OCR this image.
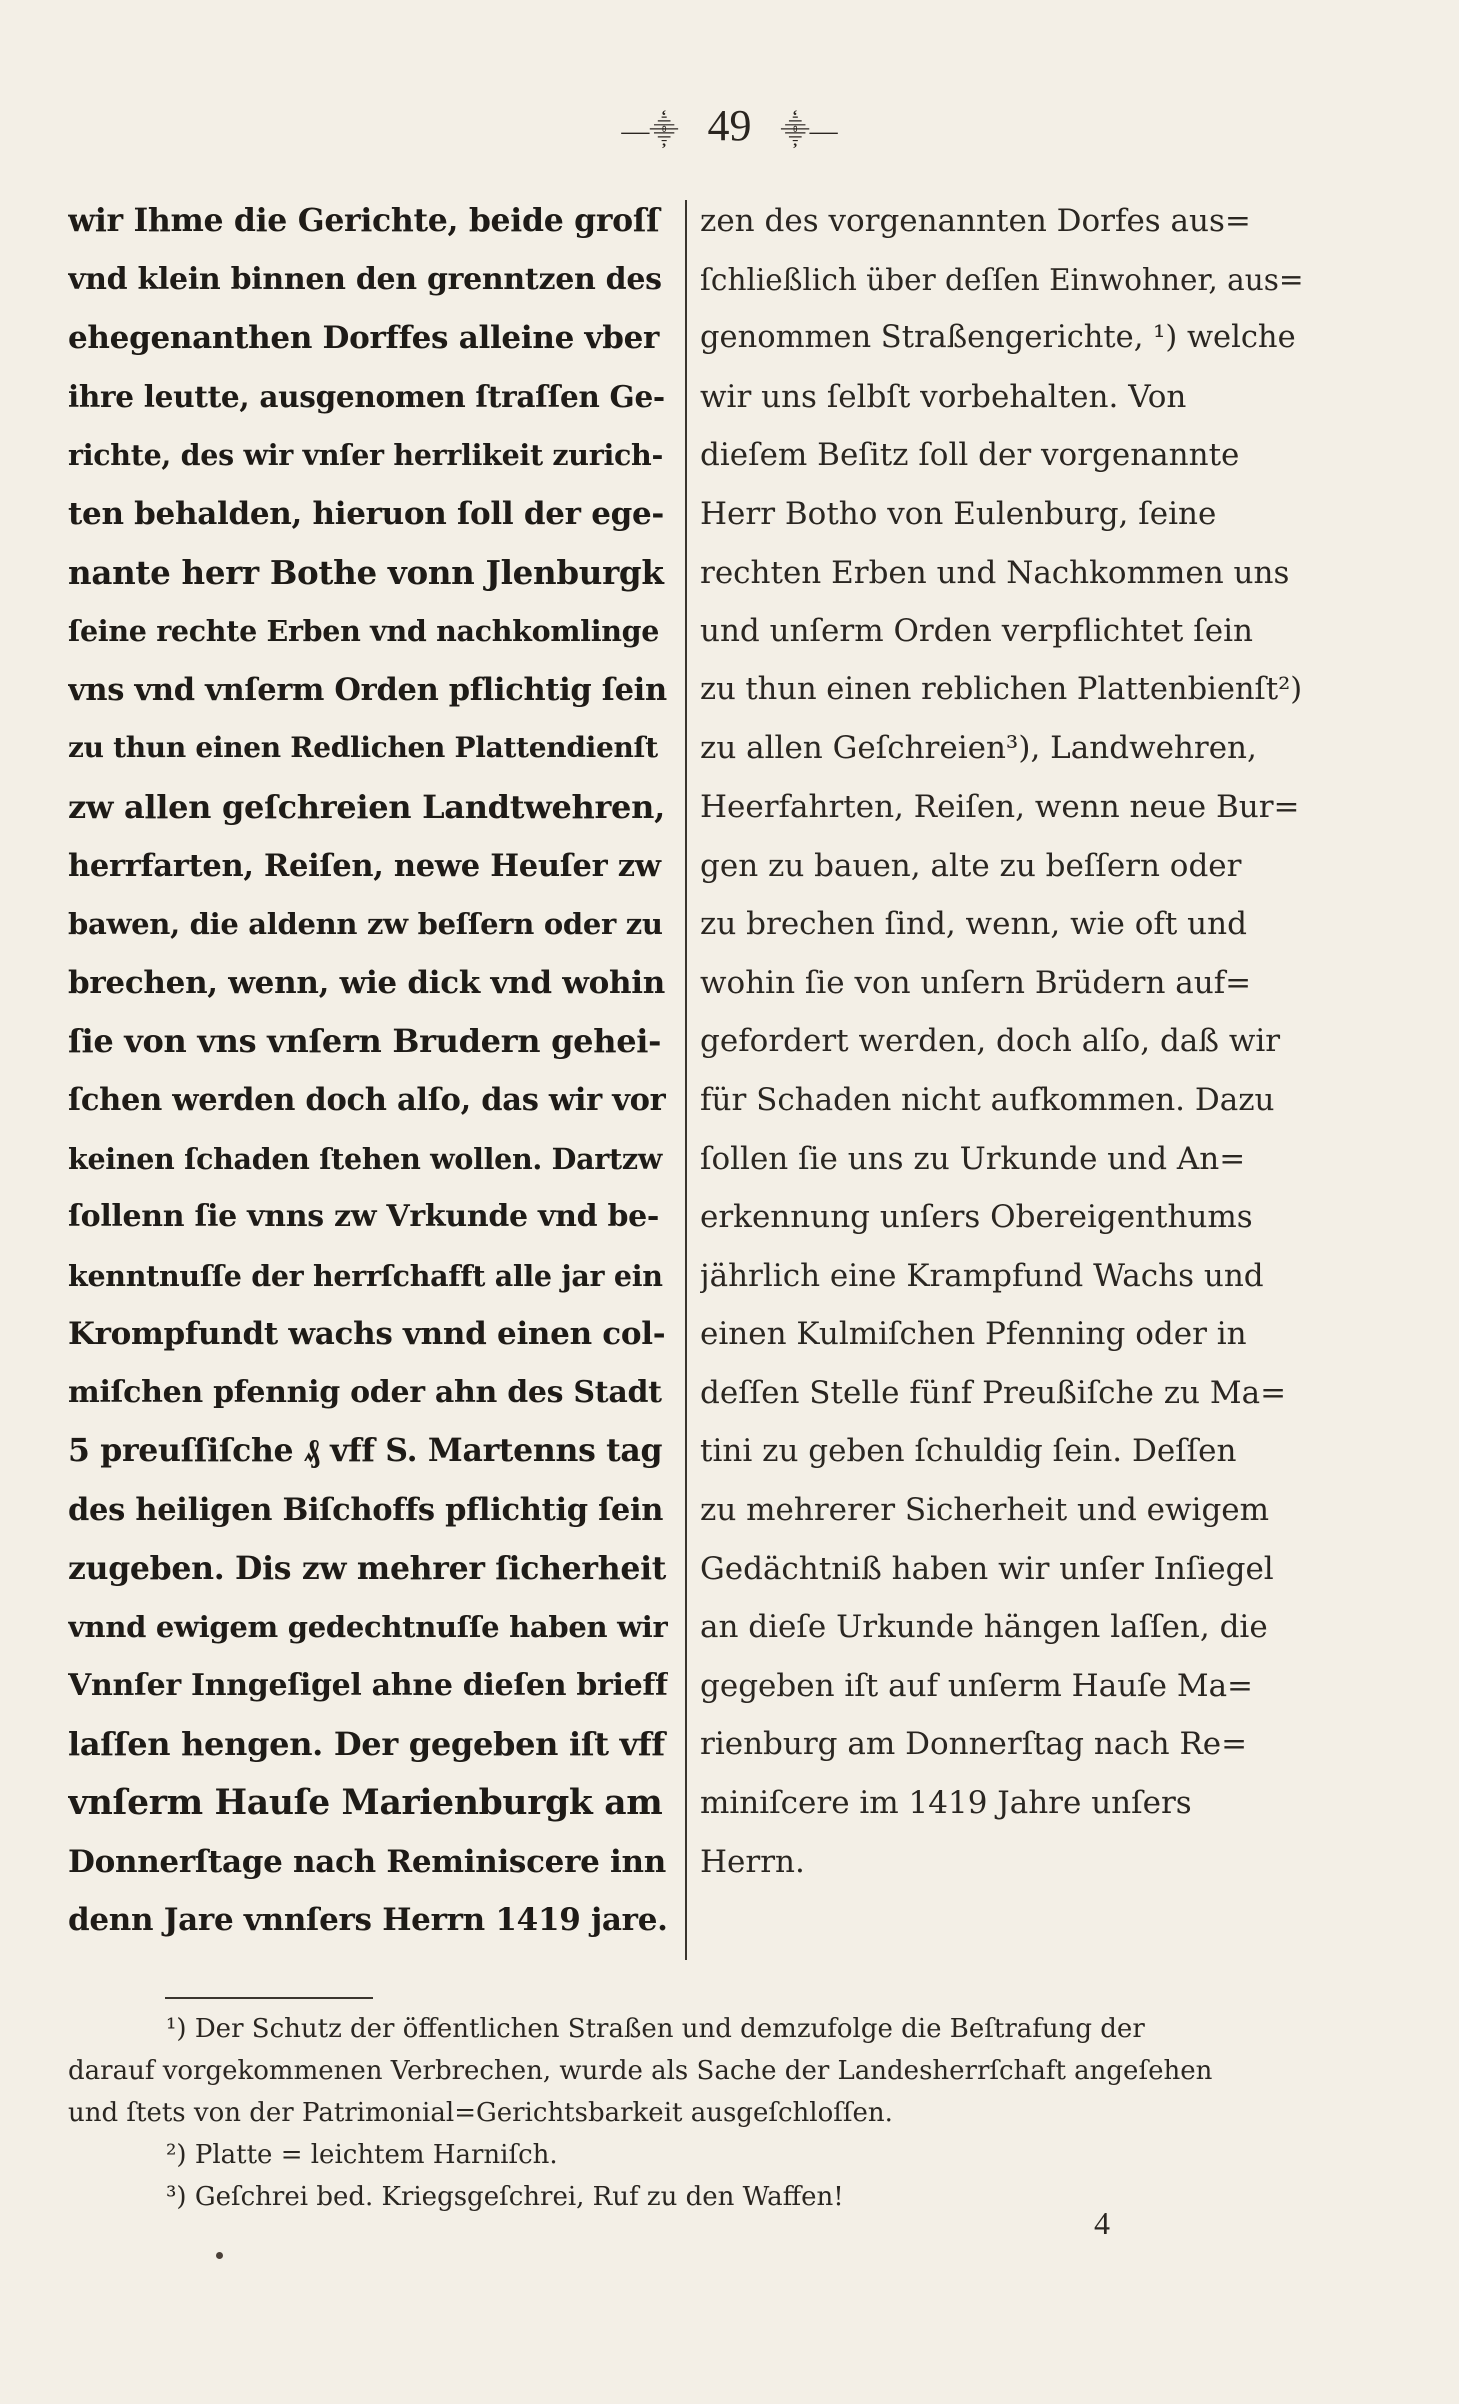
—⸎ 49 ⸎—
wir Ihme die Gerichte, beide groſſ
vnd klein binnen den grenntzen des
ehegenanthen Dorffes alleine vber
ihre leutte, ausgenomen ſtraſſen Ge-
richte, des wir vnſer herrlikeit zurich-
ten behalden, hieruon ſoll der ege-
nante herr Bothe vonn Jlenburgk
ſeine rechte Erben vnd nachkomlinge
vns vnd vnſerm Orden pflichtig ſein
zu thun einen Redlichen Plattendienſt
zw allen geſchreien Landtwehren,
herrfarten, Reiſen, newe Heuſer zw
bawen, die aldenn zw beſſern oder zu
brechen, wenn, wie dick vnd wohin
ſie von vns vnſern Brudern gehei-
ſchen werden doch alſo, das wir vor
keinen ſchaden ſtehen wollen. Dartzw
ſollenn ſie vnns zw Vrkunde vnd be-
kenntnuſſe der herrſchafft alle jar ein
Krompfundt wachs vnnd einen col-
miſchen pfennig oder ahn des Stadt
5 preuſſiſche ₰ vff S. Martenns tag
des heiligen Biſchoffs pflichtig ſein
zugeben. Dis zw mehrer ſicherheit
vnnd ewigem gedechtnuſſe haben wir
Vnnſer Inngeſigel ahne dieſen brieff
laſſen hengen. Der gegeben iſt vff
vnſerm Hauſe Marienburgk am
Donnerſtage nach Reminiscere inn
denn Jare vnnſers Herrn 1419 jare.
zen des vorgenannten Dorfes aus=
ſchließlich über deſſen Einwohner, aus=
genommen Straßengerichte, ¹) welche
wir uns ſelbſt vorbehalten. Von
dieſem Beſitz ſoll der vorgenannte
Herr Botho von Eulenburg, ſeine
rechten Erben und Nachkommen uns
und unſerm Orden verpflichtet ſein
zu thun einen reblichen Plattenbienſt²)
zu allen Geſchreien³), Landwehren,
Heerfahrten, Reiſen, wenn neue Bur=
gen zu bauen, alte zu beſſern oder
zu brechen ſind, wenn, wie oft und
wohin ſie von unſern Brüdern auf=
gefordert werden, doch alſo, daß wir
für Schaden nicht aufkommen. Dazu
ſollen ſie uns zu Urkunde und An=
erkennung unſers Obereigenthums
jährlich eine Krampfund Wachs und
einen Kulmiſchen Pfenning oder in
deſſen Stelle fünf Preußiſche zu Ma=
tini zu geben ſchuldig ſein. Deſſen
zu mehrerer Sicherheit und ewigem
Gedächtniß haben wir unſer Inſiegel
an dieſe Urkunde hängen laſſen, die
gegeben iſt auf unſerm Hauſe Ma=
rienburg am Donnerſtag nach Re=
miniſcere im 1419 Jahre unſers
Herrn.
¹) Der Schutz der öffentlichen Straßen und demzufolge die Beſtrafung der
darauf vorgekommenen Verbrechen, wurde als Sache der Landesherrſchaft angeſehen
und ſtets von der Patrimonial=Gerichtsbarkeit ausgeſchloſſen.
²) Platte = leichtem Harniſch.
³) Geſchrei bed. Kriegsgeſchrei, Ruf zu den Waffen!
4
